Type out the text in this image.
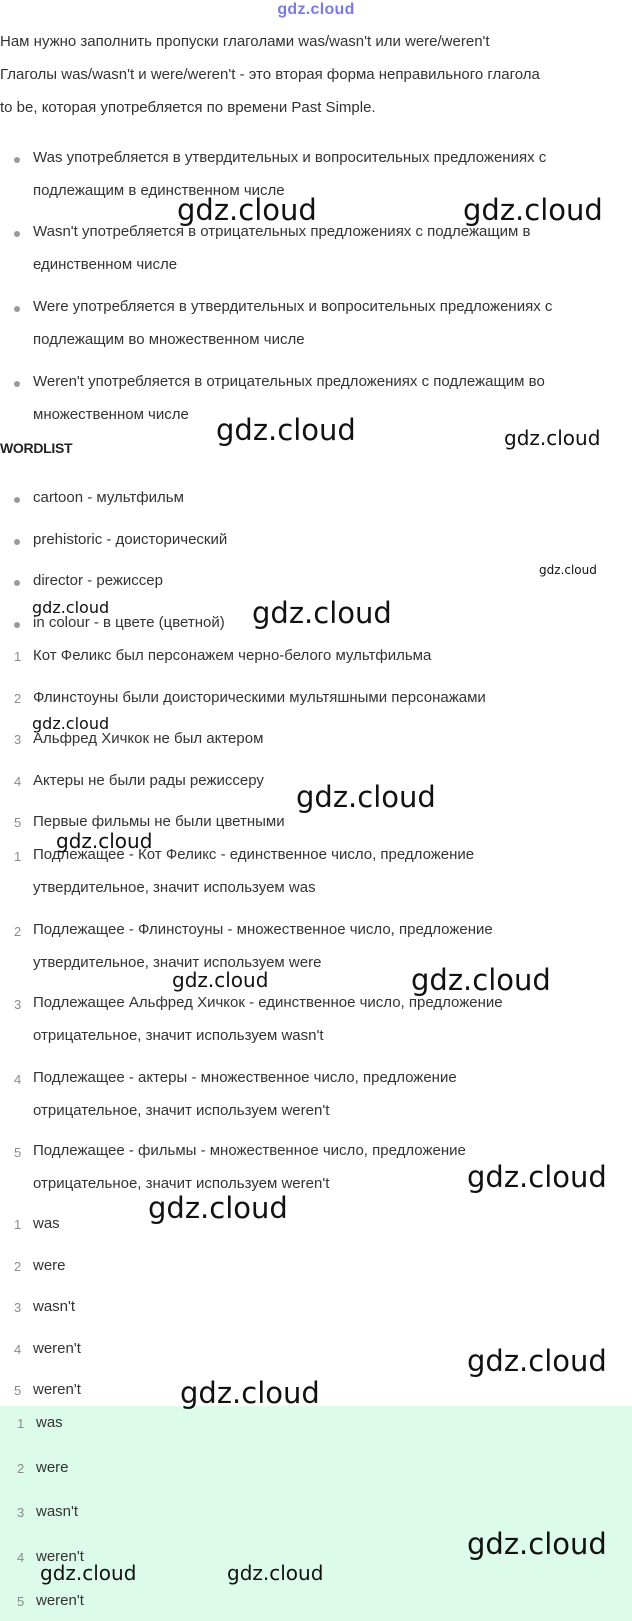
gdz.cloud
Нам нужно заполнить пропуски глаголами was/wasn't или were/weren't
Глаголы was/wasn't и were/weren't - это вторая форма неправильного глагола
to be, которая употребляется по времени Past Simple.
Was употребляется в утвердительных и вопросительных предложениях с
подлежащим в единственном числе
Wasn't употребляется в отрицательных предложениях с подлежащим в
единственном числе
Were употребляется в утвердительных и вопросительных предложениях с
подлежащим во множественном числе
Weren't употребляется в отрицательных предложениях с подлежащим во
множественном числе
WORDLIST
cartoon - мультфильм
prehistoric - доисторический
director - режиссер
in colour - в цвете (цветной)
1 Кот Феликс был персонажем черно-белого мультфильма
2 Флинстоуны были доисторическими мультяшными персонажами
3 Альфред Хичкок не был актером
4 Актеры не были рады режиссеру
5 Первые фильмы не были цветными
1 Подлежащее - Кот Феликс - единственное число, предложение
утвердительное, значит используем was
2 Подлежащее - Флинстоуны - множественное число, предложение
утвердительное, значит используем were
3 Подлежащее Альфред Хичкок - единственное число, предложение
отрицательное, значит используем wasn't
4 Подлежащее - актеры - множественное число, предложение
отрицательное, значит используем weren't
5 Подлежащее - фильмы - множественное число, предложение
отрицательное, значит используем weren't
1 was
2 were
3 wasn't
4 weren't
5 weren't
1 was
2 were
3 wasn't
4 weren't
5 weren't
gdz.cloud	gdz.cloud
gdz.cloud	gdz.cloud
gdz.cloud
gdz.cloud	gdz.cloud
gdz.cloud
gdz.cloud
gdz.cloud
gdz.cloud	gdz.cloud
gdz.cloud
gdz.cloud
gdz.cloud
gdz.cloud
gdz.cloud
gdz.cloud	gdz.cloud
